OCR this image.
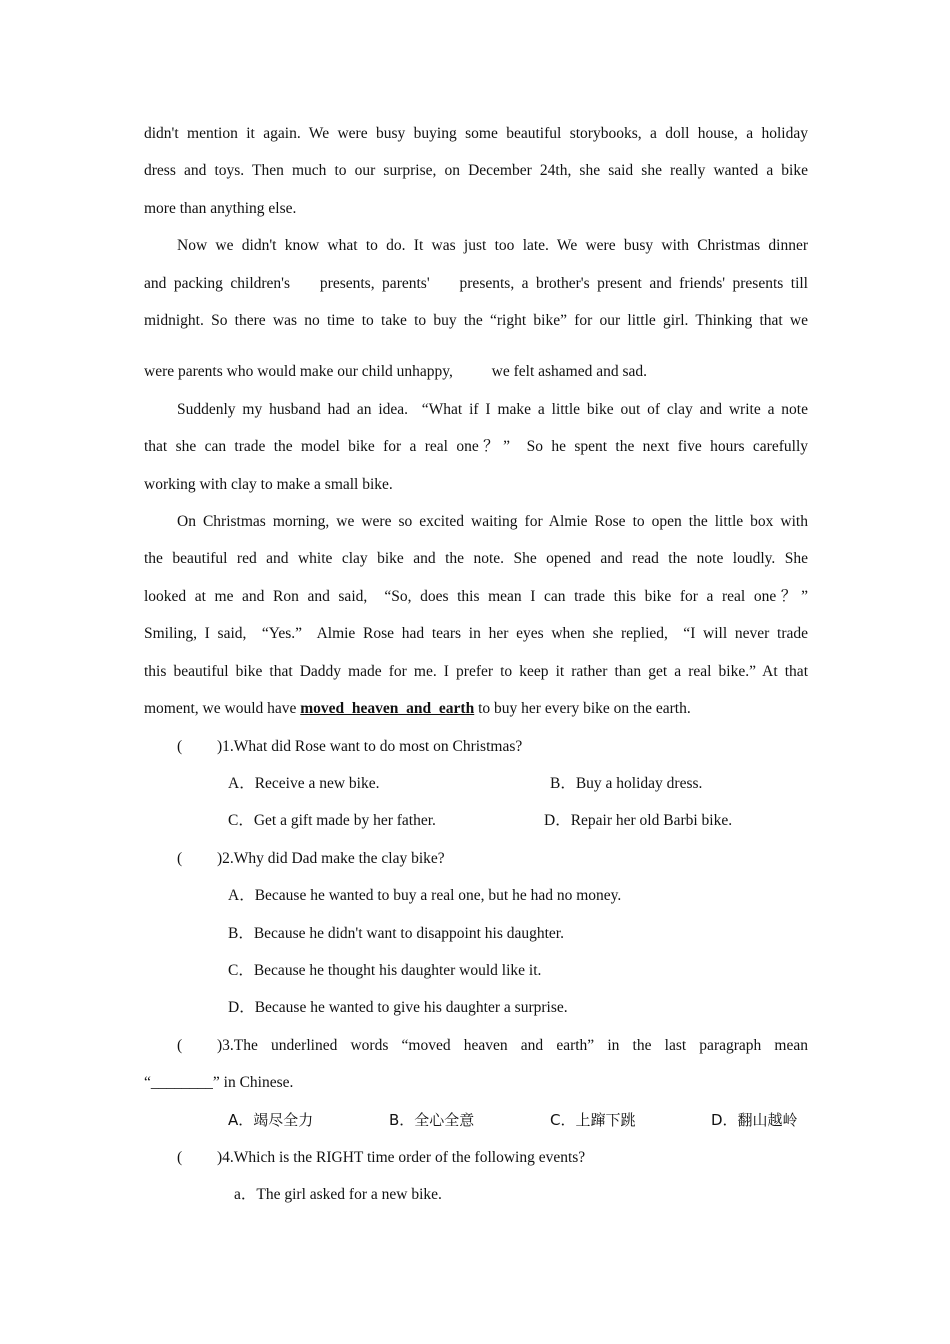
didn't mention it again. We were busy buying some beautiful storybooks, a doll house, a holiday

dress and toys. Then much to our surprise, on December 24th, she said she really wanted a bike

more than anything else.

Now we didn't know what to do. It was just too late. We were busy with Christmas dinner

and packing children's    presents, parents'    presents, a brother's present and friends' presents till

midnight. So there was no time to take to buy the “right bike” for our little girl. Thinking that we

were parents who would make our child unhappy,          we felt ashamed and sad.

Suddenly my husband had an idea.  “What if I make a little bike out of clay and write a note

that she can trade the model bike for a real one？”  So he spent the next five hours carefully

working with clay to make a small bike.

On Christmas morning, we were so excited waiting for Almie Rose to open the little box with

the beautiful red and white clay bike and the note. She opened and read the note loudly. She

looked at me and Ron and said,  “So, does this mean I can trade this bike for a real one？”

Smiling, I said,  “Yes.”  Almie Rose had tears in her eyes when she replied,  “I will never trade

this beautiful bike that Daddy made for me. I prefer to keep it rather than get a real bike.” At that

moment, we would have moved  heaven  and  earth to buy her every bike on the earth.

( )1.What did Rose want to do most on Christmas?

A．Receive a new bike.	B．Buy a holiday dress.
C．Get a gift made by her father.	D．Repair her old Barbi bike.

( )2.Why did Dad make the clay bike?

A．Because he wanted to buy a real one, but he had no money.

B．Because he didn't want to disappoint his daughter.

C．Because he thought his daughter would like it.

D．Because he wanted to give his daughter a surprise.

( )3.The underlined words “moved heaven and earth” in the last paragraph mean

“________” in Chinese.

A．竭尽全力	B．全心全意	C．上蹿下跳	D．翻山越岭

( )4.Which is the RIGHT time order of the following events?

a．The girl asked for a new bike.
